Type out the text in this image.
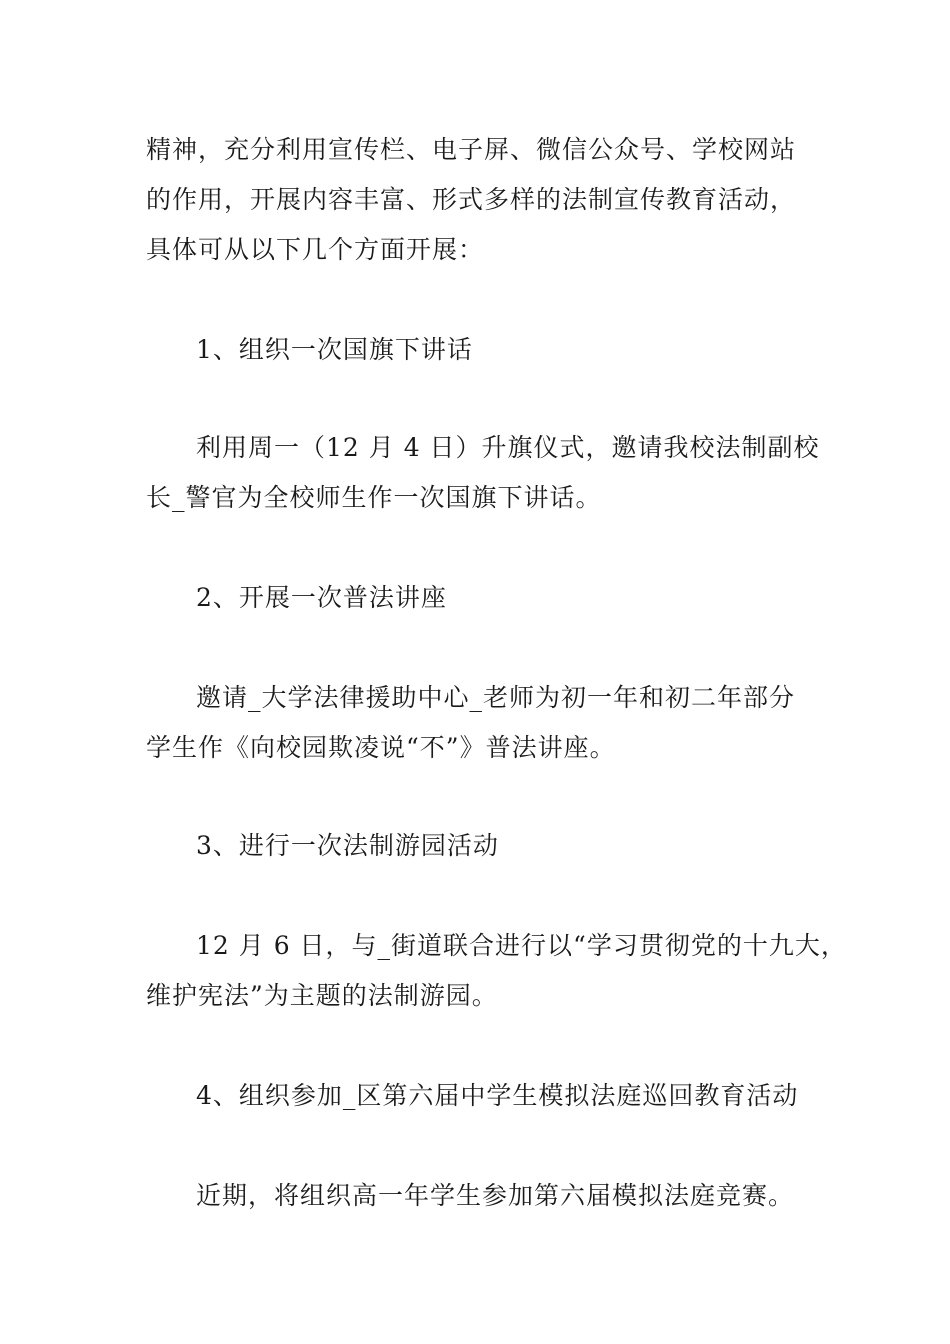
精神，充分利用宣传栏、电子屏、微信公众号、学校网站
的作用，开展内容丰富、形式多样的法制宣传教育活动，
具体可从以下几个方面开展：
1、组织一次国旗下讲话
利用周一（12 月 4 日）升旗仪式，邀请我校法制副校
长_警官为全校师生作一次国旗下讲话。
2、开展一次普法讲座
邀请_大学法律援助中心_老师为初一年和初二年部分
学生作《向校园欺凌说“不”》普法讲座。
3、进行一次法制游园活动
12 月 6 日，与_街道联合进行以“学习贯彻党的十九大，
维护宪法”为主题的法制游园。
4、组织参加_区第六届中学生模拟法庭巡回教育活动
近期，将组织高一年学生参加第六届模拟法庭竞赛。
